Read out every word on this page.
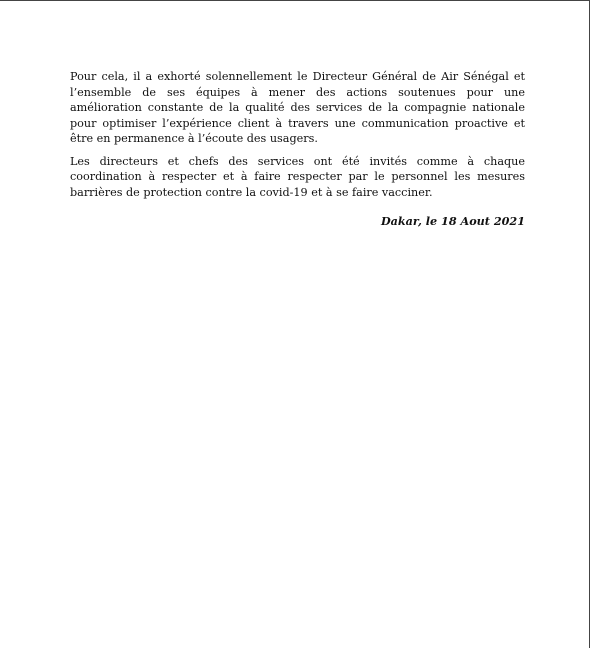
Pour cela, il a exhorté solennellement le Directeur Général de Air Sénégal et l’ensemble de ses équipes à mener des actions soutenues pour une amélioration constante de la qualité des services de la compagnie nationale pour optimiser l’expérience client à travers une communication proactive et être en permanence à l’écoute des usagers.

Les directeurs et chefs des services ont été invités comme à chaque coordination à respecter et à faire respecter par le personnel les mesures barrières de protection contre la covid-19 et à se faire vacciner.

Dakar, le 18 Aout 2021
